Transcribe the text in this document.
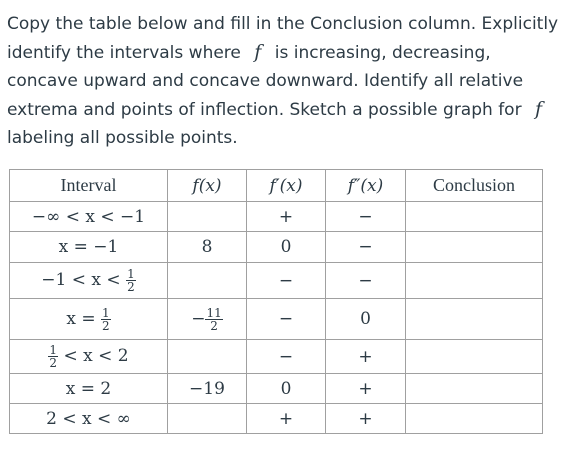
Copy the table below and fill in the Conclusion column. Explicitly identify the intervals where f is increasing, decreasing, concave upward and concave downward. Identify all relative extrema and points of inflection. Sketch a possible graph for f labeling all possible points.
Interval	f(x)	f′(x)	f″(x)	Conclusion
−∞ < x < −1		+	−	
x = −1	8	0	−	
$-1 < x < \frac{1}{2}$		−	−	
$x = \frac{1}{2}$	− $\frac{11}{2}$	−	0	

$\frac{1}{2} < x < 2$		−	+	
x = 2	−19	0	+	
2 < x < ∞		+	+	
